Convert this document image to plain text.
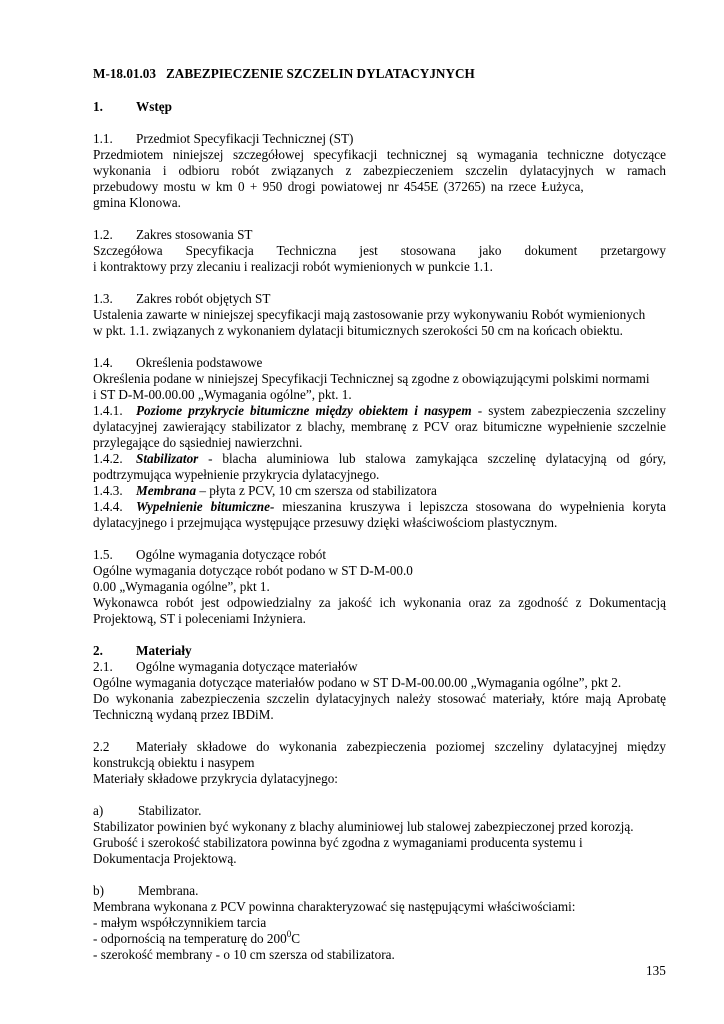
M-18.01.03 ZABEZPIECZENIE SZCZELIN DYLATACYJNYCH

1.	Wstęp

1.1. Przedmiot Specyfikacji Technicznej (ST)

Przedmiotem niniejszej szczegółowej specyfikacji technicznej są wymagania techniczne dotyczące

wykonania i odbioru robót związanych z zabezpieczeniem szczelin dylatacyjnych w ramach

przebudowy mostu w km 0 + 950 drogi powiatowej nr 4545E (37265) na rzece Łużyca,

gmina Klonowa.

1.2. Zakres stosowania ST

Szczegółowa Specyfikacja Techniczna jest stosowana jako dokument przetargowy

i kontraktowy przy zlecaniu i realizacji robót wymienionych w punkcie 1.1.

1.3. Zakres robót objętych ST

Ustalenia zawarte w niniejszej specyfikacji mają zastosowanie przy wykonywaniu Robót wymienionych

w pkt. 1.1. związanych z wykonaniem dylatacji bitumicznych szerokości 50 cm na końcach obiektu.

1.4. Określenia podstawowe

Określenia podane w niniejszej Specyfikacji Technicznej są zgodne z obowiązującymi polskimi normami

i ST D-M-00.00.00 „Wymagania ogólne”, pkt. 1.

1.4.1. Poziome przykrycie bitumiczne między obiektem i nasypem - system zabezpieczenia szczeliny

dylatacyjnej zawierający stabilizator z blachy, membranę z PCV oraz bitumiczne wypełnienie szczelnie

przylegające do sąsiedniej nawierzchni.

1.4.2. Stabilizator - blacha aluminiowa lub stalowa zamykająca szczelinę dylatacyjną od góry,

podtrzymująca wypełnienie przykrycia dylatacyjnego.

1.4.3. Membrana – płyta z PCV, 10 cm szersza od stabilizatora

1.4.4. Wypełnienie bitumiczne- mieszanina kruszywa i lepiszcza stosowana do wypełnienia koryta

dylatacyjnego i przejmująca występujące przesuwy dzięki właściwościom plastycznym.

1.5. Ogólne wymagania dotyczące robót

Ogólne wymagania dotyczące robót podano w ST D-M-00.0

0.00 „Wymagania ogólne”, pkt 1.

Wykonawca robót jest odpowiedzialny za jakość ich wykonania oraz za zgodność z Dokumentacją

Projektową, ST i poleceniami Inżyniera.

2.	Materiały

2.1. Ogólne wymagania dotyczące materiałów

Ogólne wymagania dotyczące materiałów podano w ST D-M-00.00.00 „Wymagania ogólne”, pkt 2.

Do wykonania zabezpieczenia szczelin dylatacyjnych należy stosować materiały, które mają Aprobatę

Techniczną wydaną przez IBDiM.

2.2 Materiały składowe do wykonania zabezpieczenia poziomej szczeliny dylatacyjnej między

konstrukcją obiektu i nasypem

Materiały składowe przykrycia dylatacyjnego:

a)	Stabilizator.

Stabilizator powinien być wykonany z blachy aluminiowej lub stalowej zabezpieczonej przed korozją.

Grubość i szerokość stabilizatora powinna być zgodna z wymaganiami producenta systemu i

Dokumentacja Projektową.

b)	Membrana.

Membrana wykonana z PCV powinna charakteryzować się następującymi właściwościami:

- małym współczynnikiem tarcia

- odpornością na temperaturę do $200^0C$

- szerokość membrany - o 10 cm szersza od stabilizatora.

135
